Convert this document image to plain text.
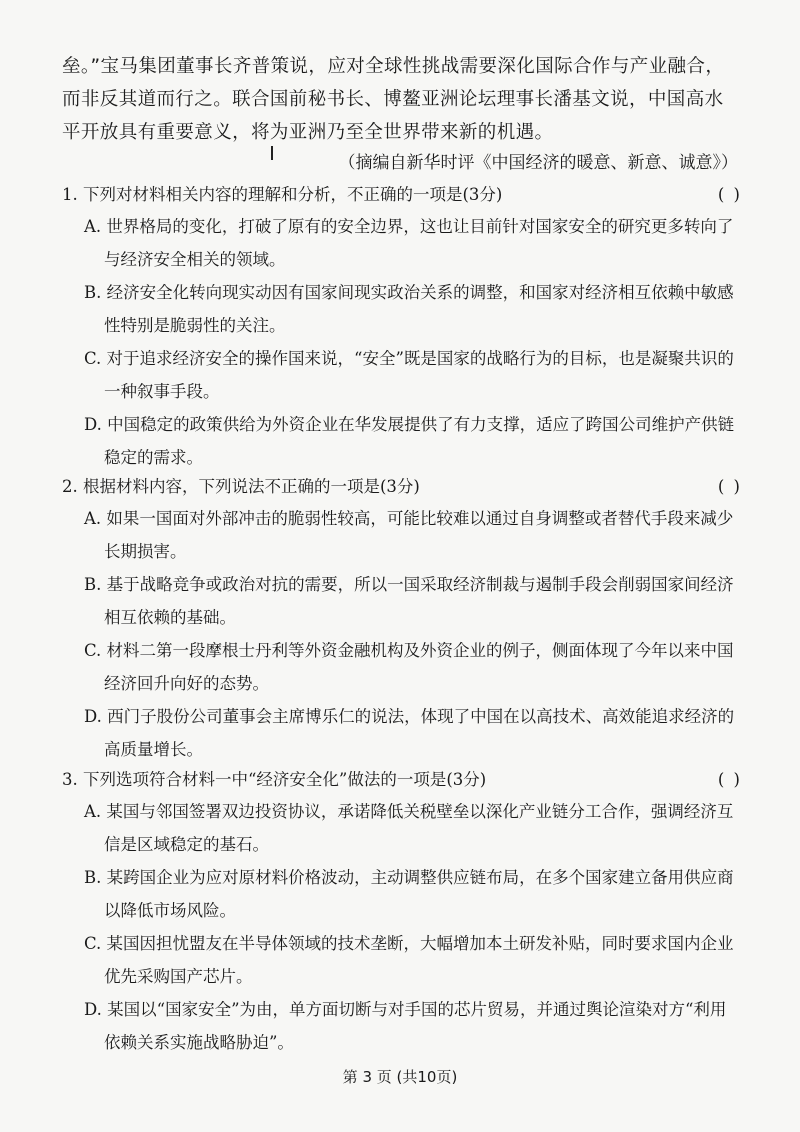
垒。”宝马集团董事长齐普策说，应对全球性挑战需要深化国际合作与产业融合，而非反其道而行之。联合国前秘书长、博鳌亚洲论坛理事长潘基文说，中国高水平开放具有重要意义，将为亚洲乃至全世界带来新的机遇。
（摘编自新华时评《中国经济的暖意、新意、诚意》）
1. 下列对材料相关内容的理解和分析，不正确的一项是(3分)	( )
A. 世界格局的变化，打破了原有的安全边界，这也让目前针对国家安全的研究更多转向了与经济安全相关的领域。
B. 经济安全化转向现实动因有国家间现实政治关系的调整，和国家对经济相互依赖中敏感性特别是脆弱性的关注。
C. 对于追求经济安全的操作国来说，“安全”既是国家的战略行为的目标，也是凝聚共识的一种叙事手段。
D. 中国稳定的政策供给为外资企业在华发展提供了有力支撑，适应了跨国公司维护产供链稳定的需求。
2. 根据材料内容，下列说法不正确的一项是(3分)	( )
A. 如果一国面对外部冲击的脆弱性较高，可能比较难以通过自身调整或者替代手段来减少长期损害。
B. 基于战略竞争或政治对抗的需要，所以一国采取经济制裁与遏制手段会削弱国家间经济相互依赖的基础。
C. 材料二第一段摩根士丹利等外资金融机构及外资企业的例子，侧面体现了今年以来中国经济回升向好的态势。
D. 西门子股份公司董事会主席博乐仁的说法，体现了中国在以高技术、高效能追求经济的高质量增长。
3. 下列选项符合材料一中“经济安全化”做法的一项是(3分)	( )
A. 某国与邻国签署双边投资协议，承诺降低关税壁垒以深化产业链分工合作，强调经济互信是区域稳定的基石。
B. 某跨国企业为应对原材料价格波动，主动调整供应链布局，在多个国家建立备用供应商以降低市场风险。
C. 某国因担忧盟友在半导体领域的技术垄断，大幅增加本土研发补贴，同时要求国内企业优先采购国产芯片。
D. 某国以“国家安全”为由，单方面切断与对手国的芯片贸易，并通过舆论渲染对方“利用依赖关系实施战略胁迫”。
第 3 页 (共10页)
